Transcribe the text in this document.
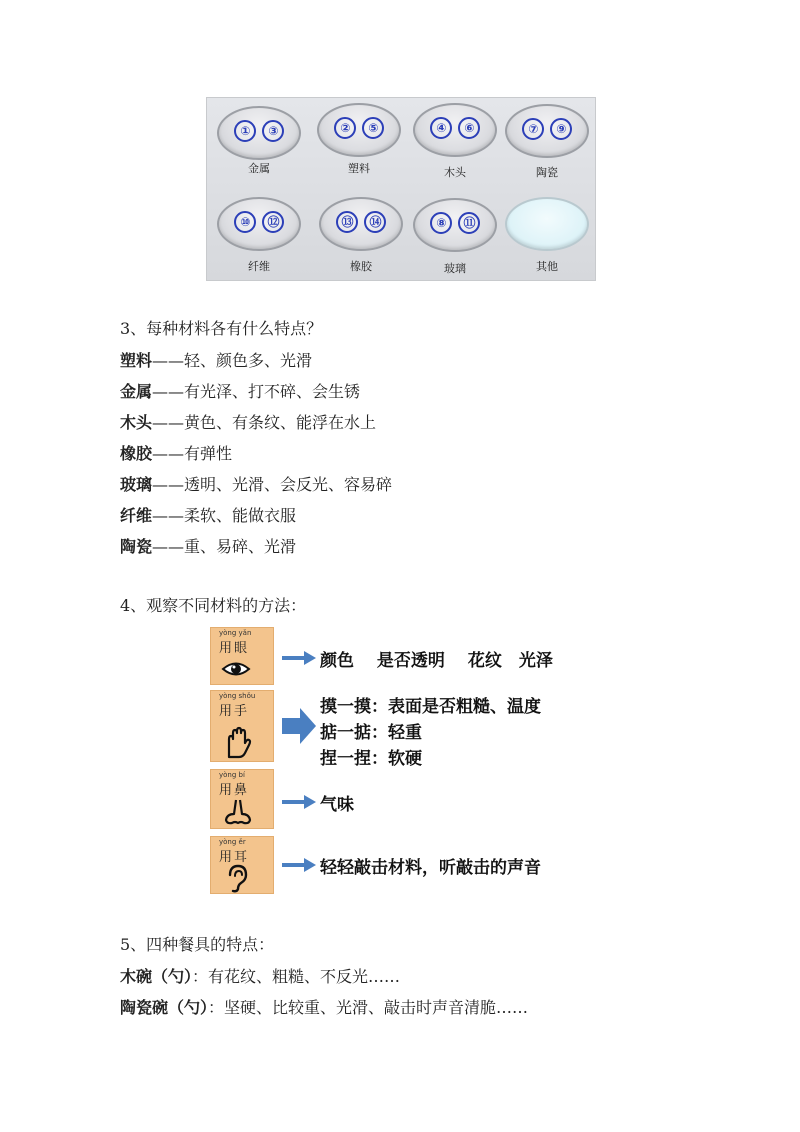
①	③
金属
②	⑤
塑料
④	⑥
木头
⑦	⑨
陶瓷
⑩	⑫
纤维
⑬	⑭
橡胶
⑧	⑪
玻璃	其他
3、每种材料各有什么特点？
塑料——轻、颜色多、光滑
金属——有光泽、打不碎、会生锈
木头——黄色、有条纹、能浮在水上
橡胶——有弹性
玻璃——透明、光滑、会反光、容易碎
纤维——柔软、能做衣服
陶瓷——重、易碎、光滑
4、观察不同材料的方法：
yòng yǎn
用眼
颜色　 是否透明　 花纹　光泽
yòng shǒu
用手	摸一摸：表面是否粗糙、温度
掂一掂：轻重
捏一捏：软硬
yòng bí
用鼻
气味
yòng ěr
用耳
轻轻敲击材料，听敲击的声音
5、四种餐具的特点：
木碗（勺）：有花纹、粗糙、不反光……
陶瓷碗（勺）：坚硬、比较重、光滑、敲击时声音清脆……
